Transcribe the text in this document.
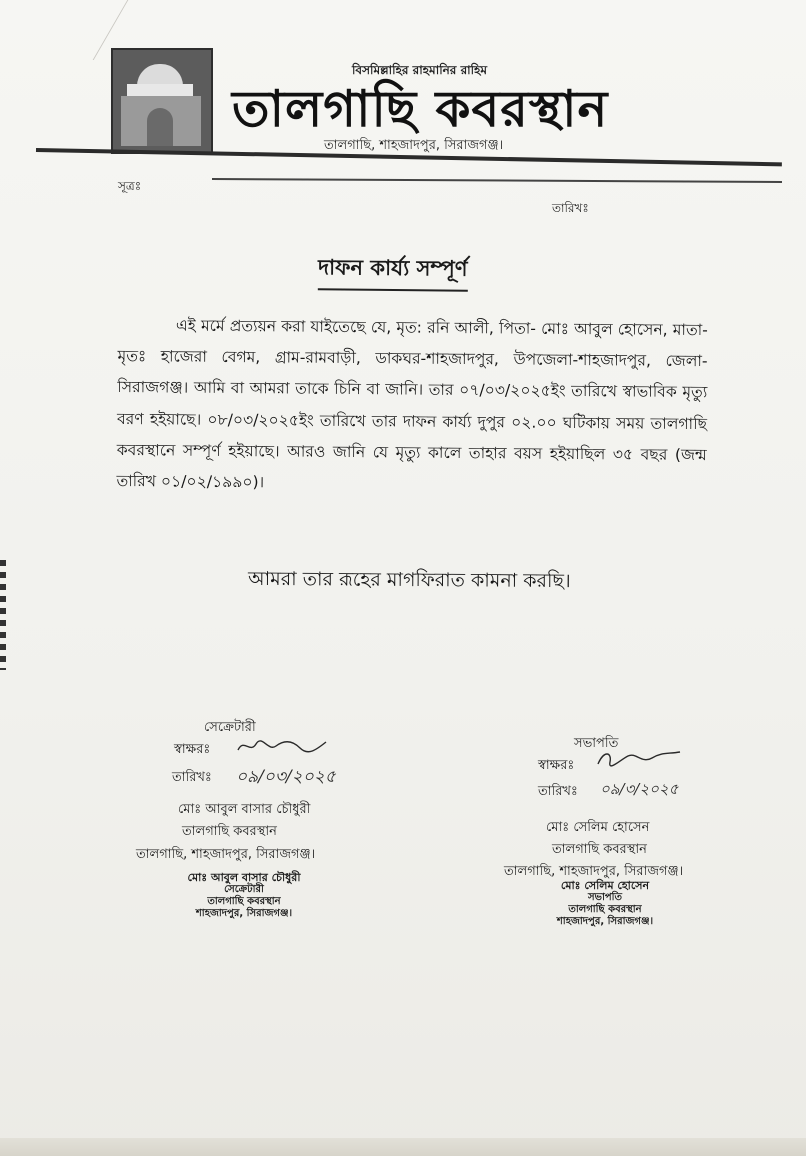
বিসমিল্লাহির রাহমানির রাহিম
তালগাছি কবরস্থান
তালগাছি, শাহজাদপুর, সিরাজগঞ্জ।
সূত্রঃ
তারিখঃ
দাফন কার্য্য সম্পূর্ণ
এই মর্মে প্রত্যয়ন করা যাইতেছে যে, মৃত: রনি আলী, পিতা- মোঃ আবুল হোসেন, মাতা- মৃতঃ হাজেরা বেগম, গ্রাম-রামবাড়ী, ডাকঘর-শাহজাদপুর, উপজেলা-শাহজাদপুর, জেলা-সিরাজগঞ্জ। আমি বা আমরা তাকে চিনি বা জানি। তার ০৭/০৩/২০২৫ইং তারিখে স্বাভাবিক মৃত্যু বরণ হইয়াছে। ০৮/০৩/২০২৫ইং তারিখে তার দাফন কার্য্য দুপুর ০২.০০ ঘটিকায় সময় তালগাছি কবরস্থানে সম্পূর্ণ হইয়াছে। আরও জানি যে মৃত্যু কালে তাহার বয়স হইয়াছিল ৩৫ বছর (জন্ম তারিখ ০১/০২/১৯৯০)।
আমরা তার রূহের মাগফিরাত কামনা করছি।
সেক্রেটারী
স্বাক্ষরঃ
তারিখঃ ০৯/০৩/২০২৫
মোঃ আবুল বাসার চৌধুরী
তালগাছি কবরস্থান
তালগাছি, শাহজাদপুর, সিরাজগঞ্জ।
মোঃ আবুল বাসার চৌধুরী
সেক্রেটারী
তালগাছি কবরস্থান
শাহজাদপুর, সিরাজগঞ্জ।
সভাপতি
স্বাক্ষরঃ
তারিখঃ ০৯/৩/২০২৫
মোঃ সেলিম হোসেন
তালগাছি কবরস্থান
তালগাছি, শাহজাদপুর, সিরাজগঞ্জ।
মোঃ সেলিম হোসেন
সভাপতি
তালগাছি কবরস্থান
শাহজাদপুর, সিরাজগঞ্জ।
